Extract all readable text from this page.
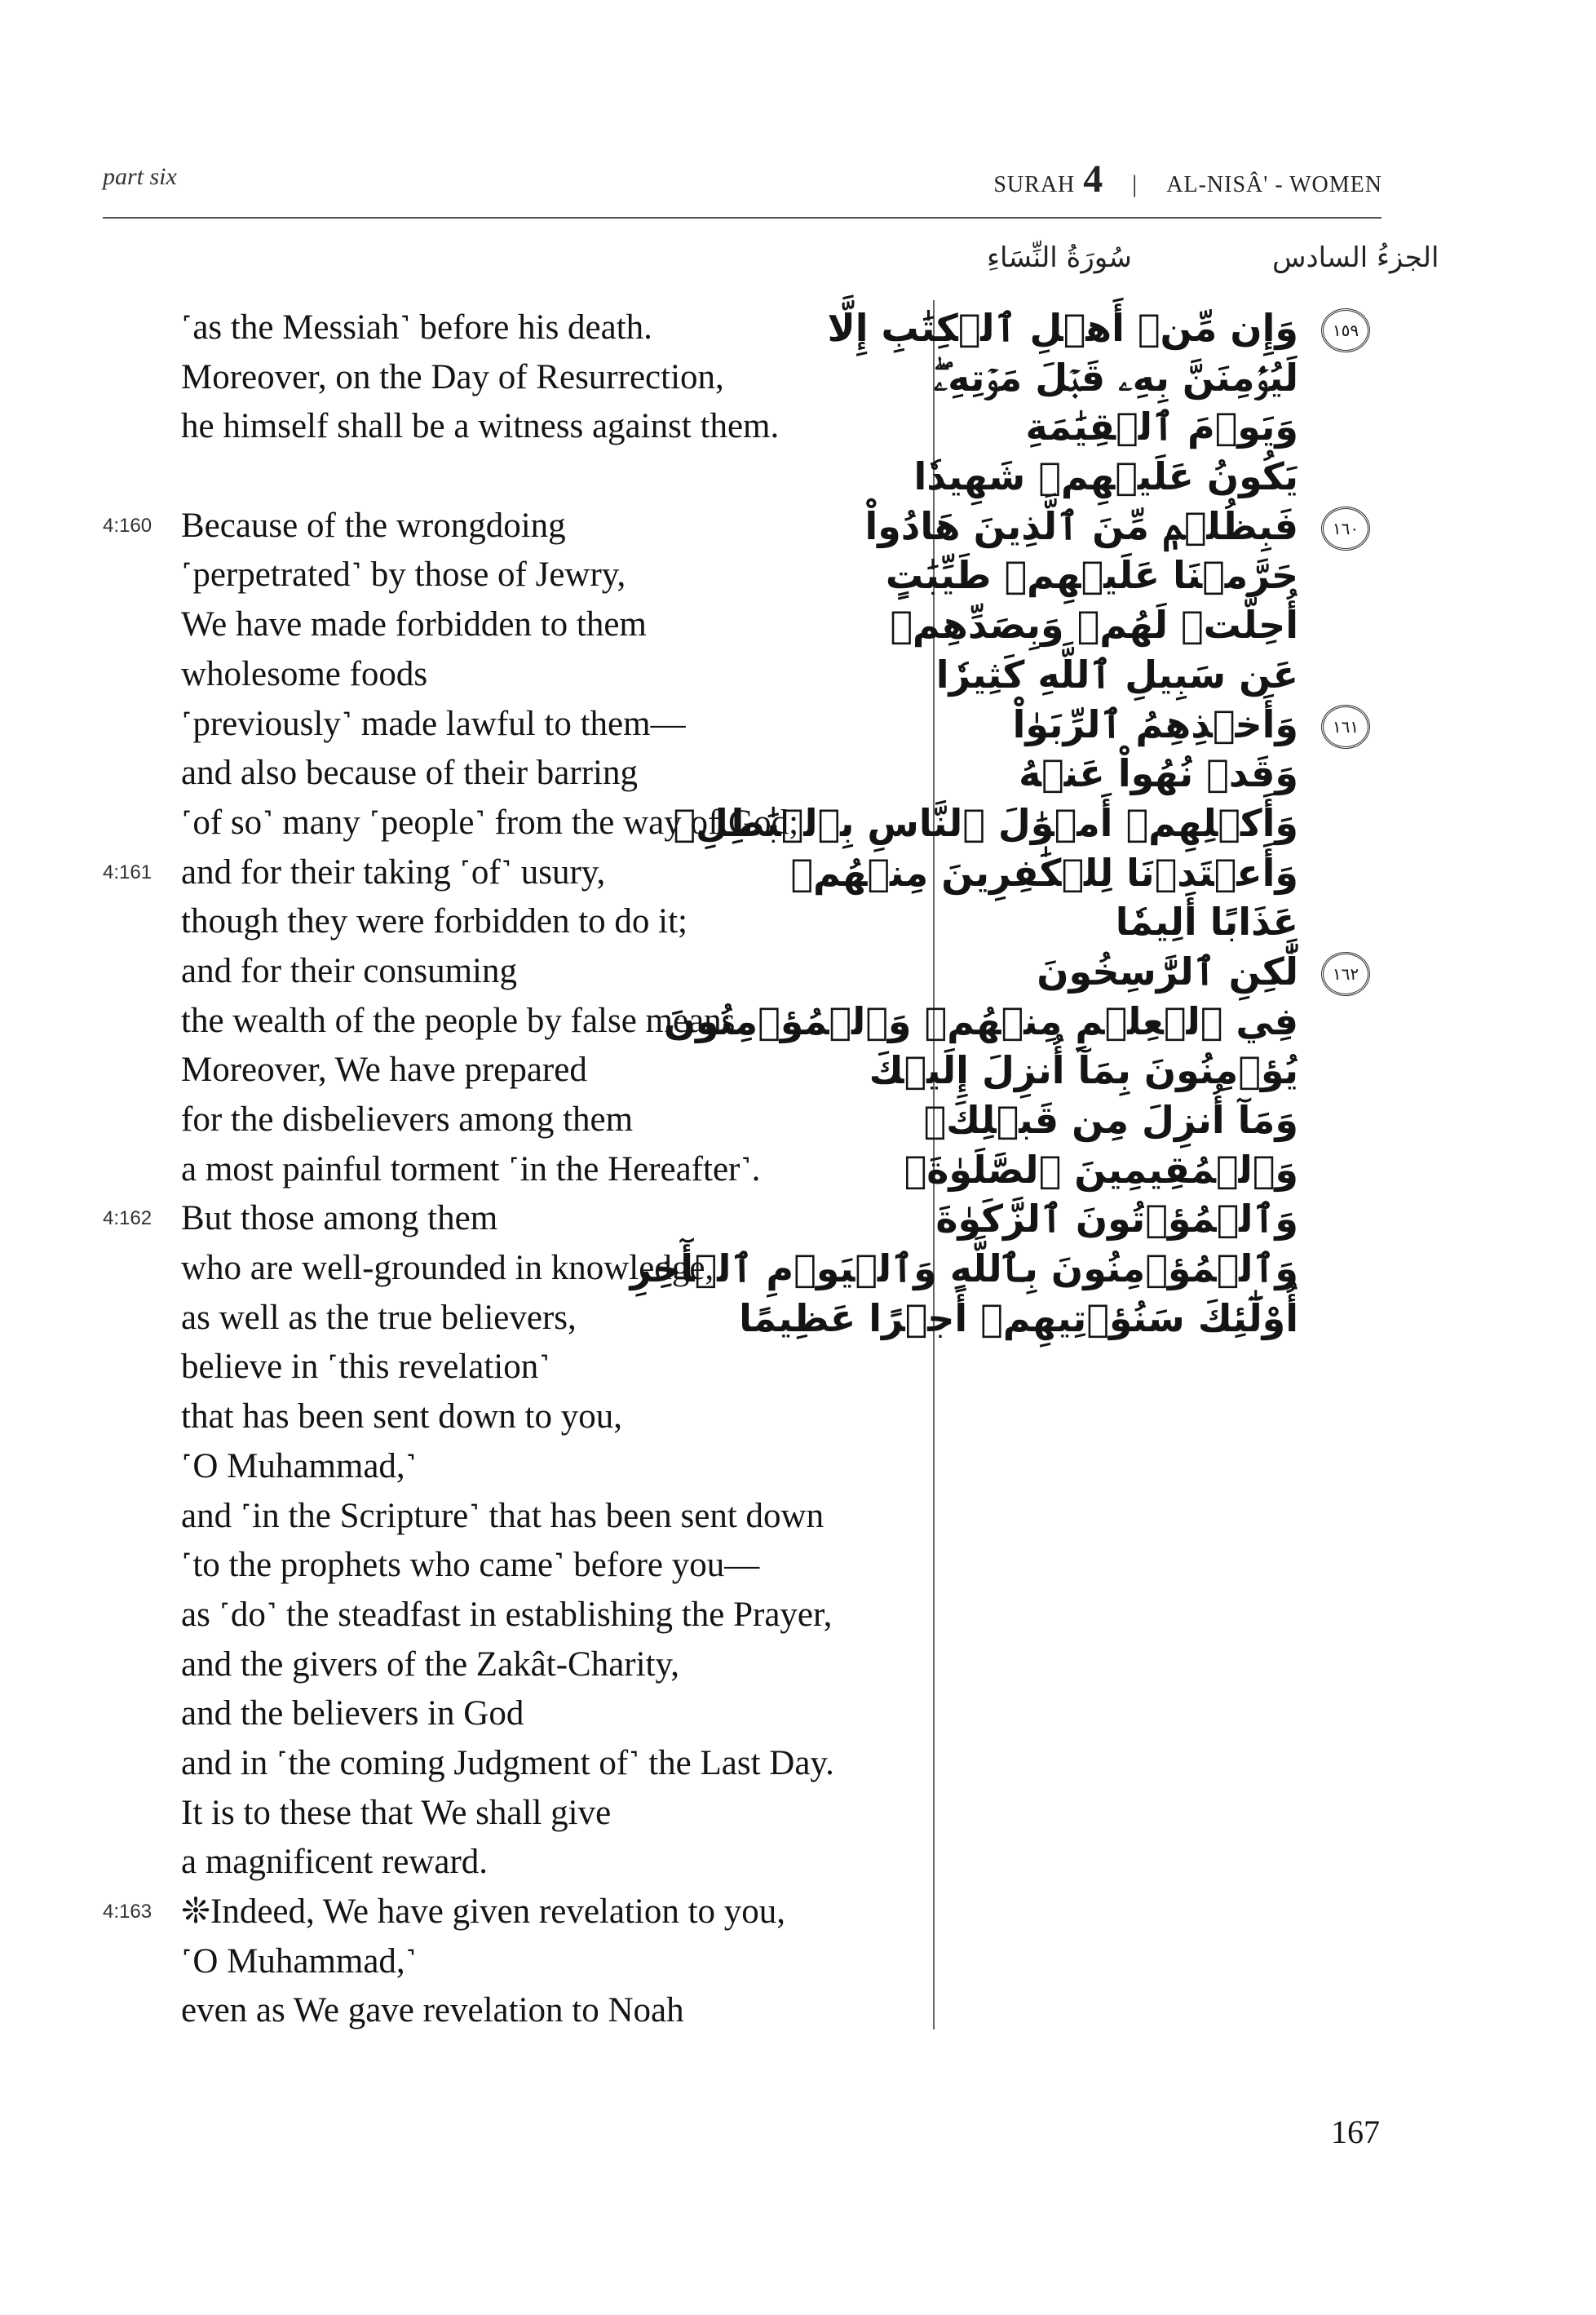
part six	SURAH 4 | AL-NISÂ' - WOMEN
الجزءُ السادس
سُورَةُ النِّسَاءِ
˹as the Messiah˺ before his death.
Moreover, on the Day of Resurrection,
he himself shall be a witness against them.
4:160 Because of the wrongdoing
˹perpetrated˺ by those of Jewry,
We have made forbidden to them
wholesome foods
˹previously˺ made lawful to them—
and also because of their barring
˹of so˺ many ˹people˺ from the way of God;
4:161 and for their taking ˹of˺ usury,
though they were forbidden to do it;
and for their consuming
the wealth of the people by false means.
Moreover, We have prepared
for the disbelievers among them
a most painful torment ˹in the Hereafter˺.
4:162 But those among them
who are well-grounded in knowledge,
as well as the true believers,
believe in ˹this revelation˺
that has been sent down to you,
˹O Muhammad,˺
and ˹in the Scripture˺ that has been sent down
˹to the prophets who came˺ before you—
as ˹do˺ the steadfast in establishing the Prayer,
and the givers of the Zakât-Charity,
and the believers in God
and in ˹the coming Judgment of˺ the Last Day.
It is to these that We shall give
a magnificent reward.
4:163 ❊Indeed, We have given revelation to you,
˹O Muhammad,˺
even as We gave revelation to Noah
١٥٩
وَإِن مِّنۡ أَهۡلِ ٱلۡكِتَٰبِ إِلَّا
لَيُؤۡمِنَنَّ بِهِۦ قَبۡلَ مَوۡتِهِۦۖ
وَيَوۡمَ ٱلۡقِيَٰمَةِ
يَكُونُ عَلَيۡهِمۡ شَهِيدٗا
١٦٠
فَبِظُلۡمٖ مِّنَ ٱلَّذِينَ هَادُواْ
حَرَّمۡنَا عَلَيۡهِمۡ طَيِّبَٰتٍ
أُحِلَّتۡ لَهُمۡ وَبِصَدِّهِمۡ
عَن سَبِيلِ ٱللَّهِ كَثِيرٗا
١٦١
وَأَخۡذِهِمُ ٱلرِّبَوٰاْ
وَقَدۡ نُهُواْ عَنۡهُ
وَأَكۡلِهِمۡ أَمۡوَٰلَ ٱلنَّاسِ بِٱلۡبَٰطِلِۚ
وَأَعۡتَدۡنَا لِلۡكَٰفِرِينَ مِنۡهُمۡ
عَذَابًا أَلِيمٗا
١٦٢
لَّٰكِنِ ٱلرَّٰسِخُونَ
فِي ٱلۡعِلۡمِ مِنۡهُمۡ وَٱلۡمُؤۡمِنُونَ
يُؤۡمِنُونَ بِمَآ أُنزِلَ إِلَيۡكَ
وَمَآ أُنزِلَ مِن قَبۡلِكَۚ
وَٱلۡمُقِيمِينَ ٱلصَّلَوٰةَۚ
وَٱلۡمُؤۡتُونَ ٱلزَّكَوٰةَ
وَٱلۡمُؤۡمِنُونَ بِٱللَّهِ وَٱلۡيَوۡمِ ٱلۡأٓخِرِ
أُوْلَٰٓئِكَ سَنُؤۡتِيهِمۡ أَجۡرًا عَظِيمًا
167
